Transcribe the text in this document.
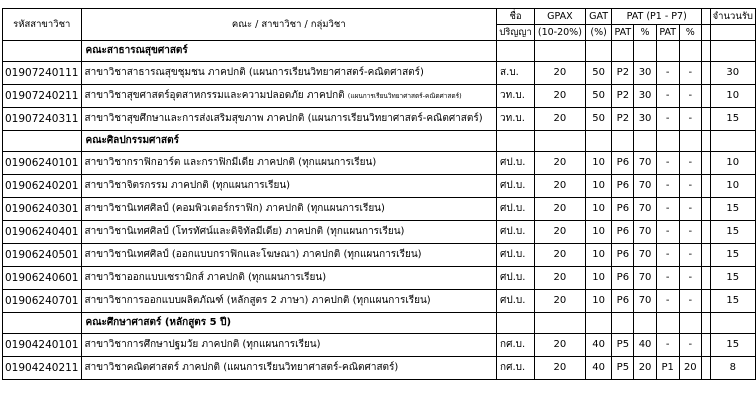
รหัสสาขาวิชา	คณะ / สาขาวิชา / กลุ่มวิชา	ชื่อ	GPAX	GAT	PAT (P1 - P7)					จำนวนรับ
		ปริญญา	(10-20%)	(%)	PAT	%	PAT	%		
	คณะสาธารณสุขศาสตร์									
01907240111	สาขาวิชาสาธารณสุขชุมชน ภาคปกติ (แผนการเรียนวิทยาศาสตร์-คณิตศาสตร์)	ส.บ.	20	50	P2	30	-	-		30
01907240211	สาขาวิชาสุขศาสตร์อุตสาหกรรมและความปลอดภัย ภาคปกติ (แผนการเรียนวิทยาศาสตร์-คณิตศาสตร์)	วท.บ.	20	50	P2	30	-	-		10
01907240311	สาขาวิชาสุขศึกษาและการส่งเสริมสุขภาพ ภาคปกติ (แผนการเรียนวิทยาศาสตร์-คณิตศาสตร์)	วท.บ.	20	50	P2	30	-	-		15
	คณะศิลปกรรมศาสตร์									
01906240101	สาขาวิชากราฟิกอาร์ต และกราฟิกมีเดีย ภาคปกติ (ทุกแผนการเรียน)	ศป.บ.	20	10	P6	70	-	-		10
01906240201	สาขาวิชาจิตรกรรม ภาคปกติ (ทุกแผนการเรียน)	ศป.บ.	20	10	P6	70	-	-		10
01906240301	สาขาวิชานิเทศศิลป์ (คอมพิวเตอร์กราฟิก) ภาคปกติ (ทุกแผนการเรียน)	ศป.บ.	20	10	P6	70	-	-		15
01906240401	สาขาวิชานิเทศศิลป์ (โทรทัศน์และดิจิทัลมีเดีย) ภาคปกติ (ทุกแผนการเรียน)	ศป.บ.	20	10	P6	70	-	-		15
01906240501	สาขาวิชานิเทศศิลป์ (ออกแบบกราฟิกและโฆษณา) ภาคปกติ (ทุกแผนการเรียน)	ศป.บ.	20	10	P6	70	-	-		15
01906240601	สาขาวิชาออกแบบเซรามิกส์ ภาคปกติ (ทุกแผนการเรียน)	ศป.บ.	20	10	P6	70	-	-		15
01906240701	สาขาวิชาการออกแบบผลิตภัณฑ์ (หลักสูตร 2 ภาษา) ภาคปกติ (ทุกแผนการเรียน)	ศป.บ.	20	10	P6	70	-	-		15
	คณะศึกษาศาสตร์ (หลักสูตร 5 ปี)									
01904240101	สาขาวิชาการศึกษาปฐมวัย ภาคปกติ (ทุกแผนการเรียน)	กศ.บ.	20	40	P5	40	-	-		15
01904240211	สาขาวิชาคณิตศาสตร์ ภาคปกติ (แผนการเรียนวิทยาศาสตร์-คณิตศาสตร์)	กศ.บ.	20	40	P5	20	P1	20		8
